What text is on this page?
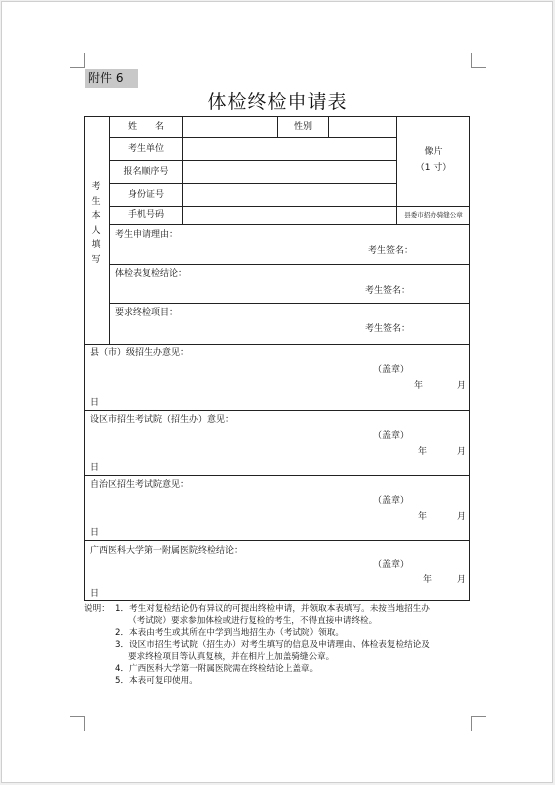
附件 6
体检终检申请表
考生本人填写
姓　　名	性别
考生单位
报名顺序号
身份证号
手机号码
像片
（1 寸）
县委市招办骑缝公章
考生申请理由：
考生签名：
体检表复检结论：
考生签名：
要求终检项目：
考生签名：
县（市）级招生办意见：
（盖章）
年	月
日
设区市招生考试院（招生办）意见：
（盖章）
年	月
日
自治区招生考试院意见：
（盖章）
年	月
日
广西医科大学第一附属医院终检结论：
（盖章）
年	月
日
说明： 1．考生对复检结论仍有异议的可提出终检申请，并领取本表填写。未按当地招生办
（考试院）要求参加体检或进行复检的考生，不得直接申请终检。
2．本表由考生或其所在中学到当地招生办（考试院）领取。
3．设区市招生考试院（招生办）对考生填写的信息及申请理由、体检表复检结论及
要求终检项目等认真复核，并在相片上加盖骑缝公章。
4．广西医科大学第一附属医院需在终检结论上盖章。
5．本表可复印使用。
